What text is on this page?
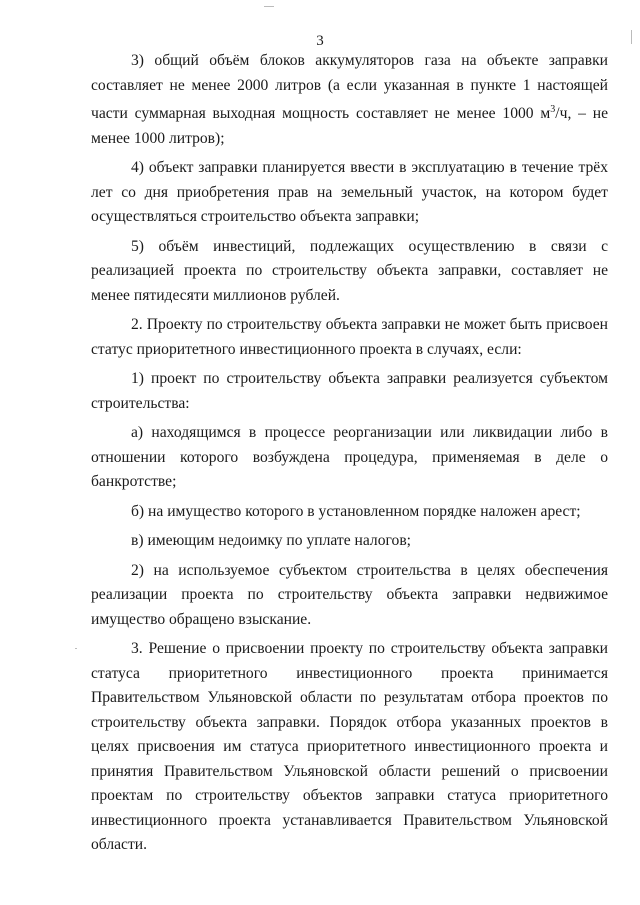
3

3) общий объём блоков аккумуляторов газа на объекте заправки составляет не менее 2000 литров (а если указанная в пункте 1 настоящей части суммарная выходная мощность составляет не менее 1000 $м^3/ч$, – не менее 1000 литров);

4) объект заправки планируется ввести в эксплуатацию в течение трёх лет со дня приобретения прав на земельный участок, на котором будет осуществляться строительство объекта заправки;

5) объём инвестиций, подлежащих осуществлению в связи с реализацией проекта по строительству объекта заправки, составляет не менее пятидесяти миллионов рублей.

2. Проекту по строительству объекта заправки не может быть присвоен статус приоритетного инвестиционного проекта в случаях, если:

1) проект по строительству объекта заправки реализуется субъектом строительства:

а) находящимся в процессе реорганизации или ликвидации либо в отношении которого возбуждена процедура, применяемая в деле о банкротстве;

б) на имущество которого в установленном порядке наложен арест;

в) имеющим недоимку по уплате налогов;

2) на используемое субъектом строительства в целях обеспечения реализации проекта по строительству объекта заправки недвижимое имущество обращено взыскание.

3. Решение о присвоении проекту по строительству объекта заправки статуса приоритетного инвестиционного проекта принимается Правительством Ульяновской области по результатам отбора проектов по строительству объекта заправки. Порядок отбора указанных проектов в целях присвоения им статуса приоритетного инвестиционного проекта и принятия Правительством Ульяновской области решений о присвоении проектам по строительству объектов заправки статуса приоритетного инвестиционного проекта устанавливается Правительством Ульяновской области.
